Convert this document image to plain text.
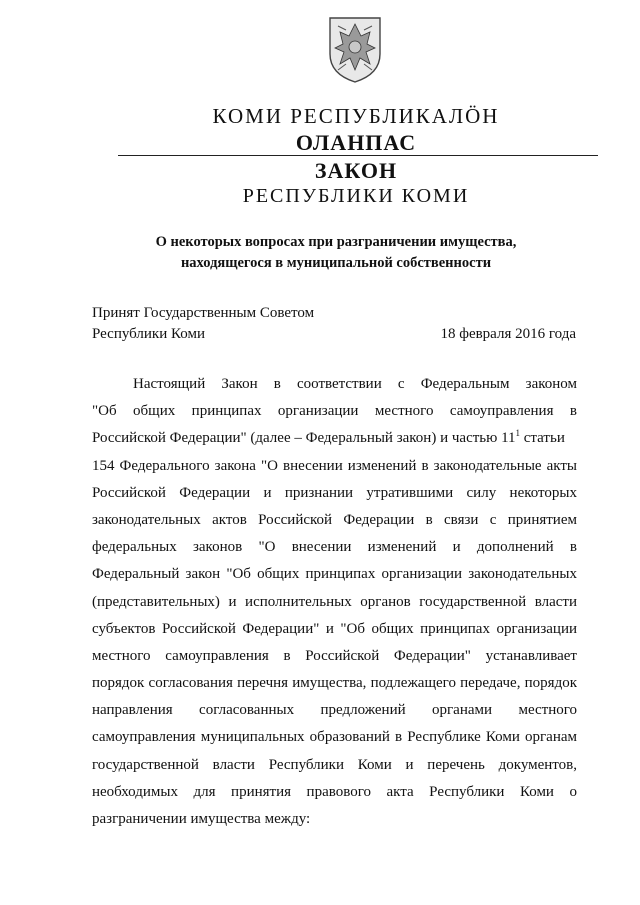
КОМИ РЕСПУБЛИКАЛӦН
ОЛАНПАС
ЗАКОН
РЕСПУБЛИКИ КОМИ
О некоторых вопросах при разграничении имущества,
находящегося в муниципальной собственности
Принят Государственным Советом
Республики Коми	18 февраля 2016 года
Настоящий Закон в соответствии с Федеральным законом
"Об общих принципах организации местного самоуправления в
Российской Федерации" (далее – Федеральный закон) и частью $11^1$ статьи
154 Федерального закона "О внесении изменений в законодательные акты
Российской Федерации и признании утратившими силу некоторых
законодательных актов Российской Федерации в связи с принятием
федеральных законов "О внесении изменений и дополнений в
Федеральный закон "Об общих принципах организации законодательных
(представительных) и исполнительных органов государственной власти
субъектов Российской Федерации" и "Об общих принципах организации
местного самоуправления в Российской Федерации" устанавливает
порядок согласования перечня имущества, подлежащего передаче, порядок
направления согласованных предложений органами местного
самоуправления муниципальных образований в Республике Коми органам
государственной власти Республики Коми и перечень документов,
необходимых для принятия правового акта Республики Коми о
разграничении имущества между:
